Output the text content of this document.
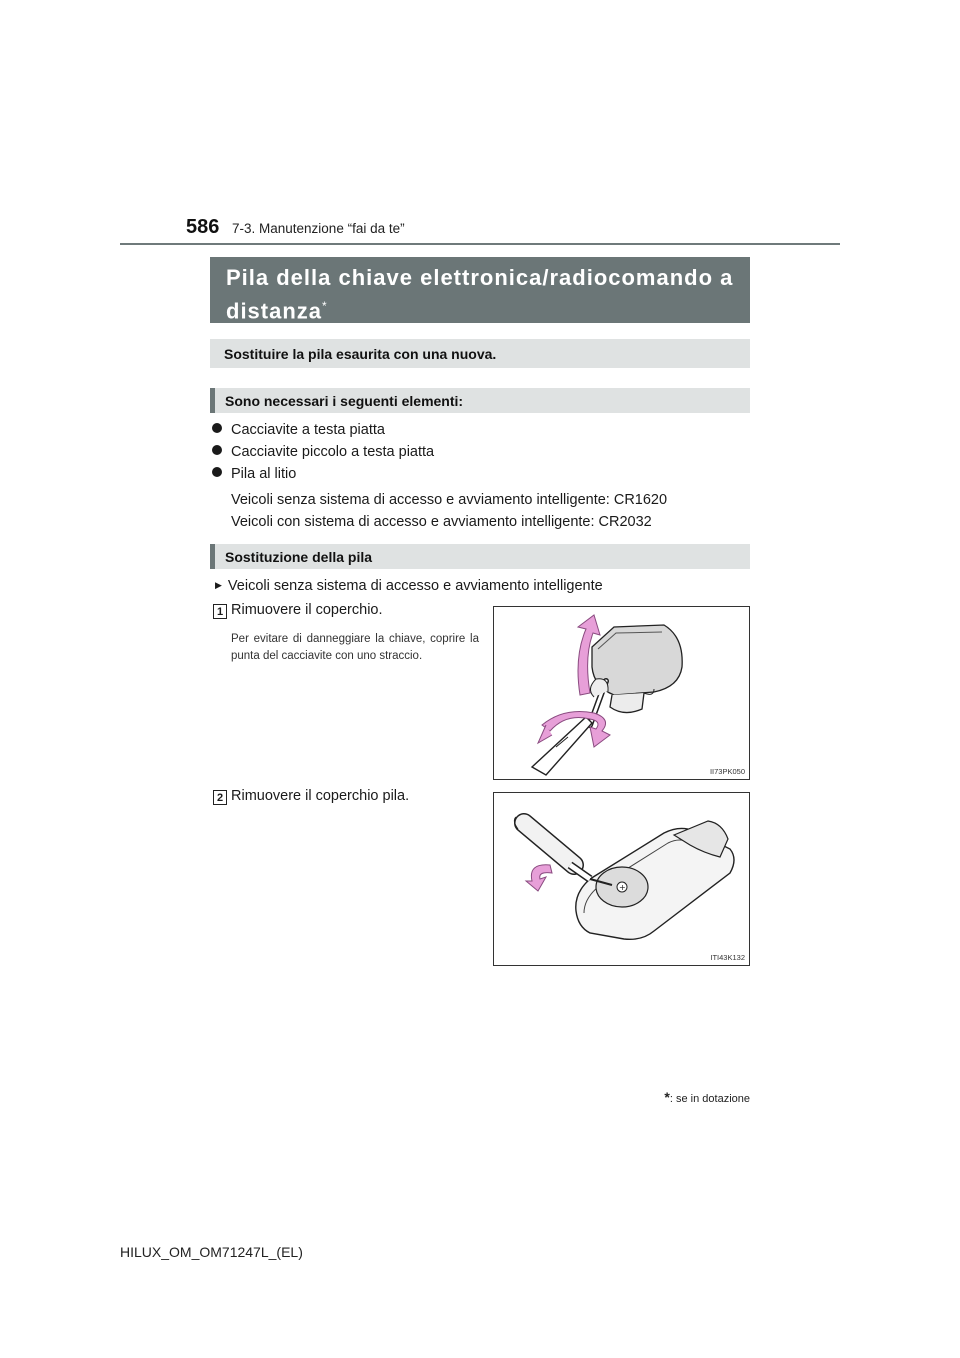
586 7-3. Manutenzione “fai da te”
Pila della chiave elettronica/radiocomando a distanza*
Sostituire la pila esaurita con una nuova.
Sono necessari i seguenti elementi:
Cacciavite a testa piatta
Cacciavite piccolo a testa piatta
Pila al litio
Veicoli senza sistema di accesso e avviamento intelligente: CR1620
Veicoli con sistema di accesso e avviamento intelligente: CR2032
Sostituzione della pila
▶ Veicoli senza sistema di accesso e avviamento intelligente
1 Rimuovere il coperchio.
Per evitare di danneggiare la chiave, coprire la punta del cacciavite con uno straccio.
II73PK050
2 Rimuovere il coperchio pila.
+
ITI43K132
*: se in dotazione
HILUX_OM_OM71247L_(EL)
